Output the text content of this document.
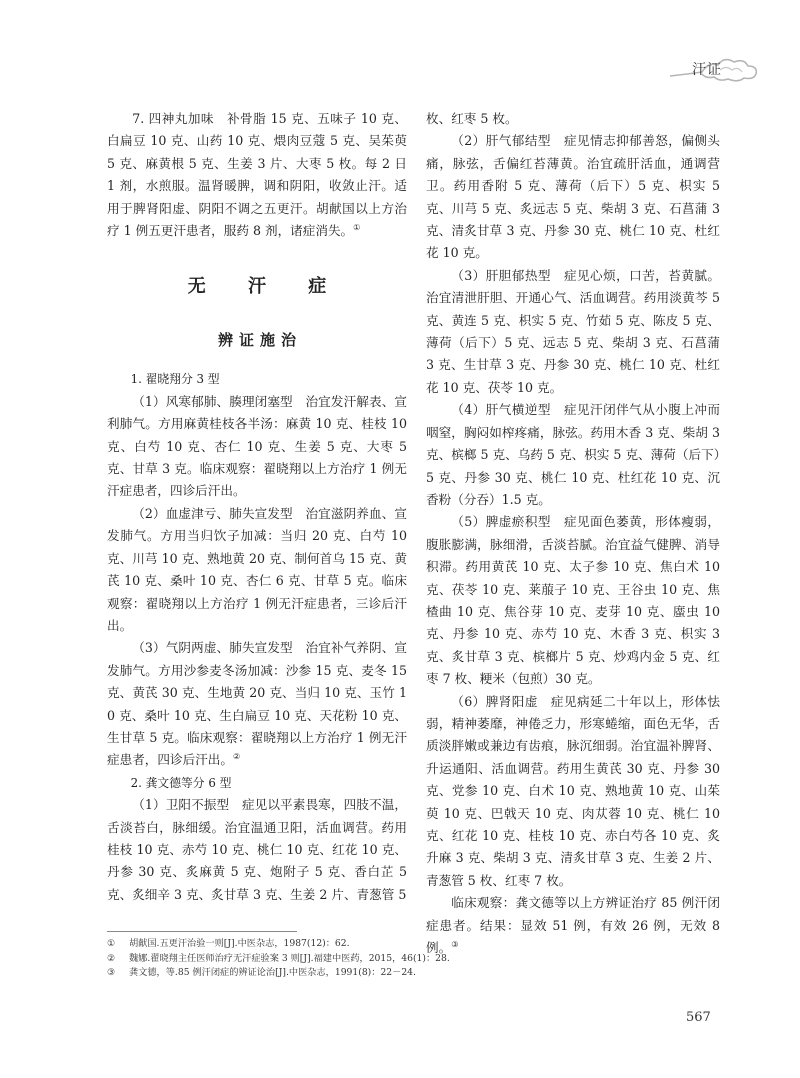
汗证
7. 四神丸加味　补骨脂 15 克、五味子 10 克、白扁豆 10 克、山药 10 克、煨肉豆蔻 5 克、吴茱萸 5 克、麻黄根 5 克、生姜 3 片、大枣 5 枚。每 2 日 1 剂，水煎服。温肾暖脾，调和阴阳，收敛止汗。适用于脾肾阳虚、阴阳不调之五更汗。胡献国以上方治疗 1 例五更汗患者，服药 8 剂，诸症消失。①
无 汗 症
辨证施治
1. 翟晓翔分 3 型
（1）风寒郁肺、腠理闭塞型　治宜发汗解表、宣利肺气。方用麻黄桂枝各半汤：麻黄 10 克、桂枝 10 克、白芍 10 克、杏仁 10 克、生姜 5 克、大枣 5 克、甘草 3 克。临床观察：翟晓翔以上方治疗 1 例无汗症患者，四诊后汗出。
（2）血虚津亏、肺失宣发型　治宜滋阴养血、宣发肺气。方用当归饮子加减：当归 20 克、白芍 10 克、川芎 10 克、熟地黄 20 克、制何首乌 15 克、黄芪 10 克、桑叶 10 克、杏仁 6 克、甘草 5 克。临床观察：翟晓翔以上方治疗 1 例无汗症患者，三诊后汗出。
（3）气阴两虚、肺失宣发型　治宜补气养阴、宣发肺气。方用沙参麦冬汤加减：沙参 15 克、麦冬 15 克、黄芪 30 克、生地黄 20 克、当归 10 克、玉竹 10 克、桑叶 10 克、生白扁豆 10 克、天花粉 10 克、生甘草 5 克。临床观察：翟晓翔以上方治疗 1 例无汗症患者，四诊后汗出。②
2. 龚文德等分 6 型
（1）卫阳不振型　症见以平素畏寒，四肢不温，舌淡苔白，脉细缓。治宜温通卫阳，活血调营。药用桂枝 10 克、赤芍 10 克、桃仁 10 克、红花 10 克、丹参 30 克、炙麻黄 5 克、炮附子 5 克、香白芷 5 克、炙细辛 3 克、炙甘草 3 克、生姜 2 片、青葱管 5
枚、红枣 5 枚。
（2）肝气郁结型　症见情志抑郁善怒，偏侧头痛，脉弦，舌偏红苔薄黄。治宜疏肝活血，通调营卫。药用香附 5 克、薄荷（后下）5 克、枳实 5 克、川芎 5 克、炙远志 5 克、柴胡 3 克、石菖蒲 3 克、清炙甘草 3 克、丹参 30 克、桃仁 10 克、杜红花 10 克。
（3）肝胆郁热型　症见心烦，口苦，苔黄腻。治宜清泄肝胆、开通心气、活血调营。药用淡黄芩 5 克、黄连 5 克、枳实 5 克、竹茹 5 克、陈皮 5 克、薄荷（后下）5 克、远志 5 克、柴胡 3 克、石菖蒲 3 克、生甘草 3 克、丹参 30 克、桃仁 10 克、杜红花 10 克、茯苓 10 克。
（4）肝气横逆型　症见汗闭伴气从小腹上冲而咽窒，胸闷如榨疼痛，脉弦。药用木香 3 克、柴胡 3 克、槟榔 5 克、乌药 5 克、枳实 5 克、薄荷（后下）5 克、丹参 30 克、桃仁 10 克、杜红花 10 克、沉香粉（分吞）1.5 克。
（5）脾虚瘀积型　症见面色萎黄，形体瘦弱，腹胀膨满，脉细滑，舌淡苔腻。治宜益气健脾、消导积滞。药用黄芪 10 克、太子参 10 克、焦白术 10 克、茯苓 10 克、莱菔子 10 克、王谷虫 10 克、焦楂曲 10 克、焦谷芽 10 克、麦芽 10 克、䗪虫 10 克、丹参 10 克、赤芍 10 克、木香 3 克、枳实 3 克、炙甘草 3 克、槟榔片 5 克、炒鸡内金 5 克、红枣 7 枚、粳米（包煎）30 克。
（6）脾肾阳虚　症见病延二十年以上，形体怯弱，精神萎靡，神倦乏力，形寒蜷缩，面色无华，舌质淡胖嫩或兼边有齿痕，脉沉细弱。治宜温补脾肾、升运通阳、活血调营。药用生黄芪 30 克、丹参 30 克、党参 10 克、白术 10 克、熟地黄 10 克、山茱萸 10 克、巴戟天 10 克、肉苁蓉 10 克、桃仁 10 克、红花 10 克、桂枝 10 克、赤白芍各 10 克、炙升麻 3 克、柴胡 3 克、清炙甘草 3 克、生姜 2 片、青葱管 5 枚、红枣 7 枚。
临床观察：龚文德等以上方辨证治疗 85 例汗闭症患者。结果：显效 51 例，有效 26 例，无效 8 例。③
① 胡献国.五更汗治验一则[J].中医杂志，1987(12)：62.
② 魏娜.翟晓翔主任医师治疗无汗症验案 3 则[J].福建中医药，2015，46(1)：28.
③ 龚文德，等.85 例汗闭症的辨证论治[J].中医杂志，1991(8)：22－24.
567
